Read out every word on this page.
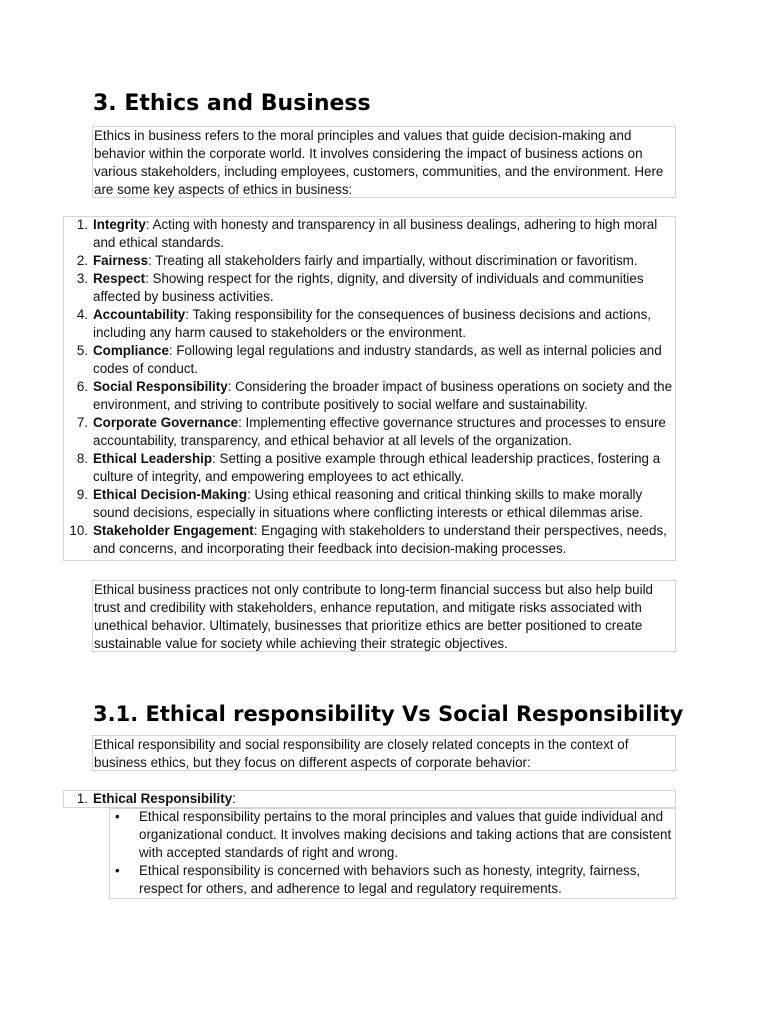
3. Ethics and Business

Ethics in business refers to the moral principles and values that guide decision-making and behavior within the corporate world. It involves considering the impact of business actions on various stakeholders, including employees, customers, communities, and the environment. Here are some key aspects of ethics in business:

1. Integrity: Acting with honesty and transparency in all business dealings, adhering to high moral and ethical standards.
2. Fairness: Treating all stakeholders fairly and impartially, without discrimination or favoritism.
3. Respect: Showing respect for the rights, dignity, and diversity of individuals and communities affected by business activities.
4. Accountability: Taking responsibility for the consequences of business decisions and actions, including any harm caused to stakeholders or the environment.
5. Compliance: Following legal regulations and industry standards, as well as internal policies and codes of conduct.
6. Social Responsibility: Considering the broader impact of business operations on society and the environment, and striving to contribute positively to social welfare and sustainability.
7. Corporate Governance: Implementing effective governance structures and processes to ensure accountability, transparency, and ethical behavior at all levels of the organization.
8. Ethical Leadership: Setting a positive example through ethical leadership practices, fostering a culture of integrity, and empowering employees to act ethically.
9. Ethical Decision-Making: Using ethical reasoning and critical thinking skills to make morally sound decisions, especially in situations where conflicting interests or ethical dilemmas arise.
10. Stakeholder Engagement: Engaging with stakeholders to understand their perspectives, needs, and concerns, and incorporating their feedback into decision-making processes.

Ethical business practices not only contribute to long-term financial success but also help build trust and credibility with stakeholders, enhance reputation, and mitigate risks associated with unethical behavior. Ultimately, businesses that prioritize ethics are better positioned to create sustainable value for society while achieving their strategic objectives.

3.1. Ethical responsibility Vs Social Responsibility

Ethical responsibility and social responsibility are closely related concepts in the context of business ethics, but they focus on different aspects of corporate behavior:

1. Ethical Responsibility:
• Ethical responsibility pertains to the moral principles and values that guide individual and organizational conduct. It involves making decisions and taking actions that are consistent with accepted standards of right and wrong.
• Ethical responsibility is concerned with behaviors such as honesty, integrity, fairness, respect for others, and adherence to legal and regulatory requirements.
